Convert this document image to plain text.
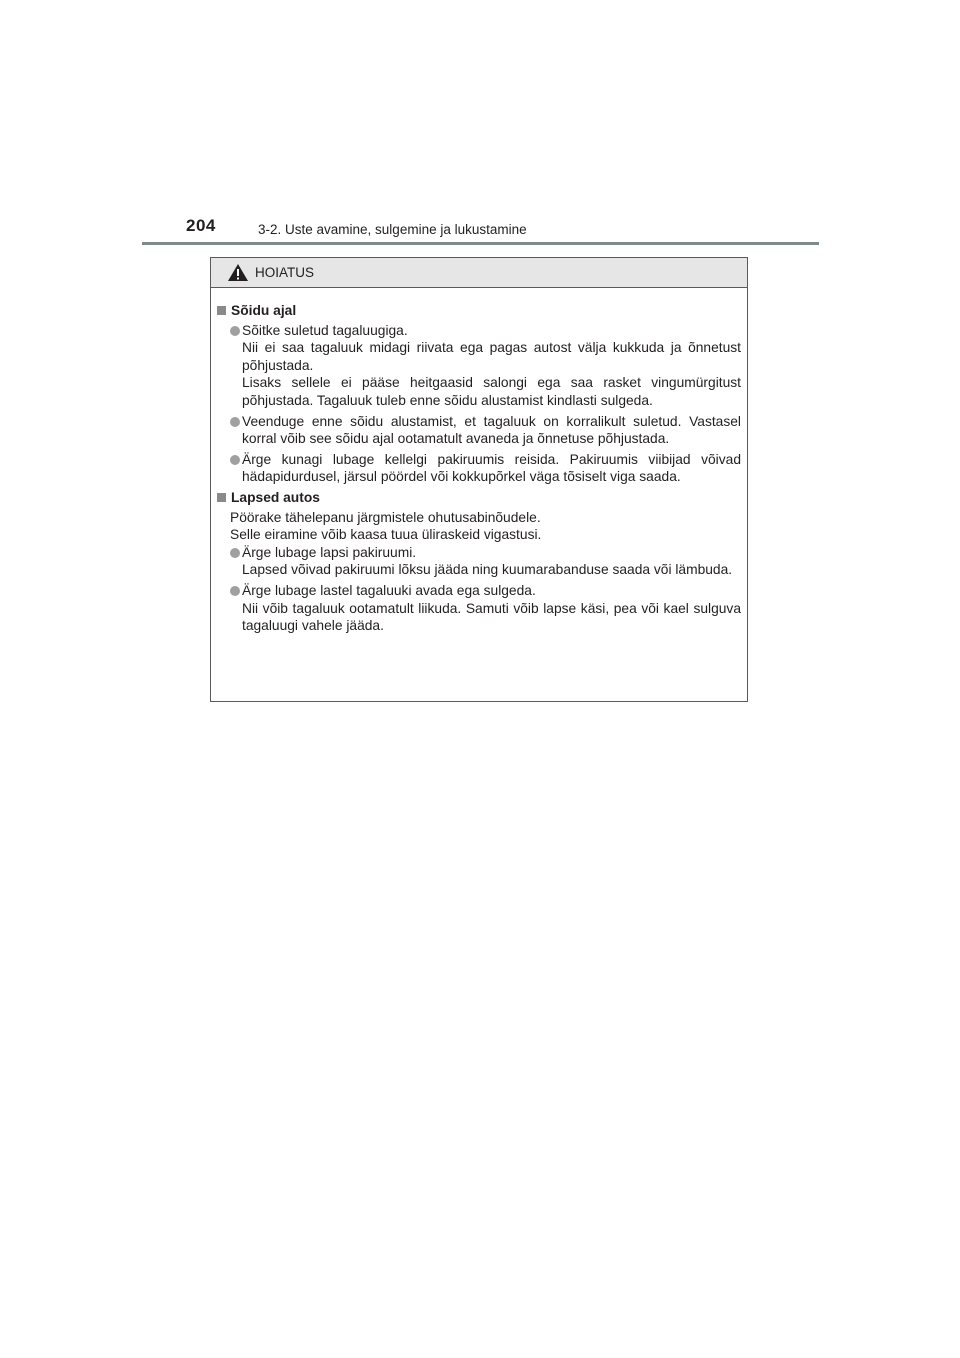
204	3-2. Uste avamine, sulgemine ja lukustamine
HOIATUS
Sõidu ajal

Sõitke suletud tagaluugiga.

Nii ei saa tagaluuk midagi riivata ega pagas autost välja kukkuda ja õnnetust põhjustada.

Lisaks sellele ei pääse heitgaasid salongi ega saa rasket vingumürgitust põhjustada. Tagaluuk tuleb enne sõidu alustamist kindlasti sulgeda.

Veenduge enne sõidu alustamist, et tagaluuk on korralikult suletud. Vastasel korral võib see sõidu ajal ootamatult avaneda ja õnnetuse põhjustada.

Ärge kunagi lubage kellelgi pakiruumis reisida. Pakiruumis viibijad võivad hädapidurdusel, järsul pöördel või kokkupõrkel väga tõsiselt viga saada.

Lapsed autos

Pöörake tähelepanu järgmistele ohutusabinõudele.

Selle eiramine võib kaasa tuua üliraskeid vigastusi.

Ärge lubage lapsi pakiruumi.

Lapsed võivad pakiruumi lõksu jääda ning kuumarabanduse saada või lämbuda.

Ärge lubage lastel tagaluuki avada ega sulgeda.

Nii võib tagaluuk ootamatult liikuda. Samuti võib lapse käsi, pea või kael sulguva tagaluugi vahele jääda.
